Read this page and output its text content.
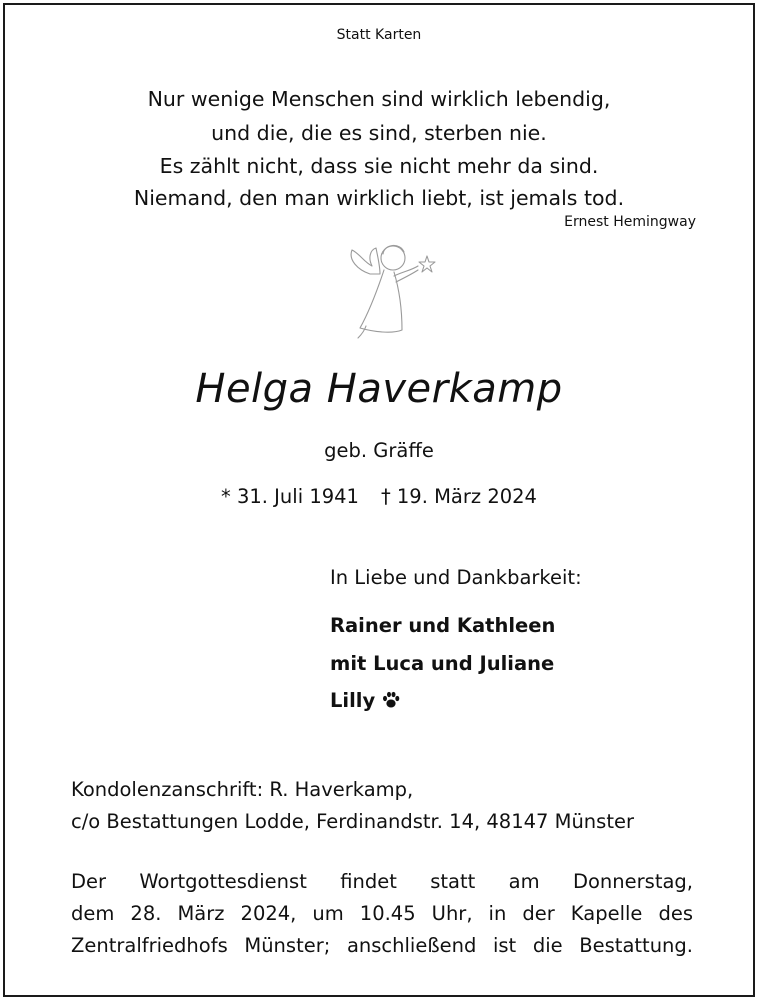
Statt Karten
Nur wenige Menschen sind wirklich lebendig,
und die, die es sind, sterben nie.
Es zählt nicht, dass sie nicht mehr da sind.
Niemand, den man wirklich liebt, ist jemals tod.
Ernest Hemingway
Helga Haverkamp
geb. Gräffe
* 31. Juli 1941 † 19. März 2024
In Liebe und Dankbarkeit:
Rainer und Kathleen
mit Luca und Juliane
Lilly
Kondolenzanschrift: R. Haverkamp,
c/o Bestattungen Lodde, Ferdinandstr. 14, 48147 Münster
Der Wortgottesdienst findet statt am Donnerstag,
dem 28. März 2024, um 10.45 Uhr, in der Kapelle des
Zentralfriedhofs Münster; anschließend ist die Bestattung.
